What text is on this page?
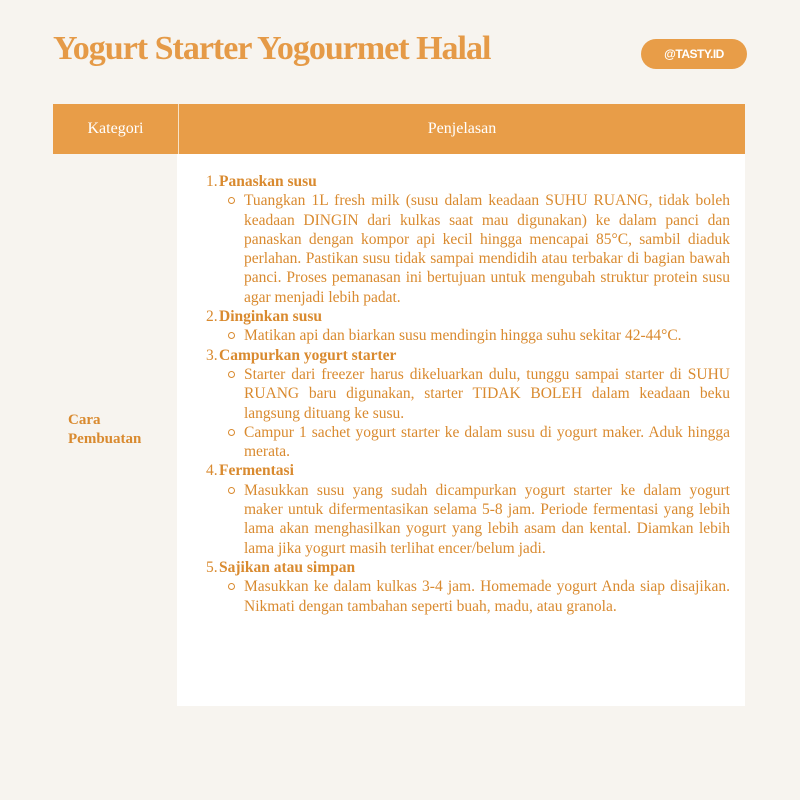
Yogurt Starter Yogourmet Halal	@TASTY.ID
Kategori	Penjelasan
Cara Pembuatan
1. Panaskan susu
Tuangkan 1L fresh milk (susu dalam keadaan SUHU RUANG, tidak boleh keadaan DINGIN dari kulkas saat mau digunakan) ke dalam panci dan panaskan dengan kompor api kecil hingga mencapai 85°C, sambil diaduk perlahan. Pastikan susu tidak sampai mendidih atau terbakar di bagian bawah panci. Proses pemanasan ini bertujuan untuk mengubah struktur protein susu agar menjadi lebih padat.
2. Dinginkan susu
Matikan api dan biarkan susu mendingin hingga suhu sekitar 42-44°C.
3. Campurkan yogurt starter
Starter dari freezer harus dikeluarkan dulu, tunggu sampai starter di SUHU RUANG baru digunakan, starter TIDAK BOLEH dalam keadaan beku langsung dituang ke susu.
Campur 1 sachet yogurt starter ke dalam susu di yogurt maker. Aduk hingga merata.
4. Fermentasi
Masukkan susu yang sudah dicampurkan yogurt starter ke dalam yogurt maker untuk difermentasikan selama 5-8 jam. Periode fermentasi yang lebih lama akan menghasilkan yogurt yang lebih asam dan kental. Diamkan lebih lama jika yogurt masih terlihat encer/belum jadi.
5. Sajikan atau simpan
Masukkan ke dalam kulkas 3-4 jam. Homemade yogurt Anda siap disajikan. Nikmati dengan tambahan seperti buah, madu, atau granola.
